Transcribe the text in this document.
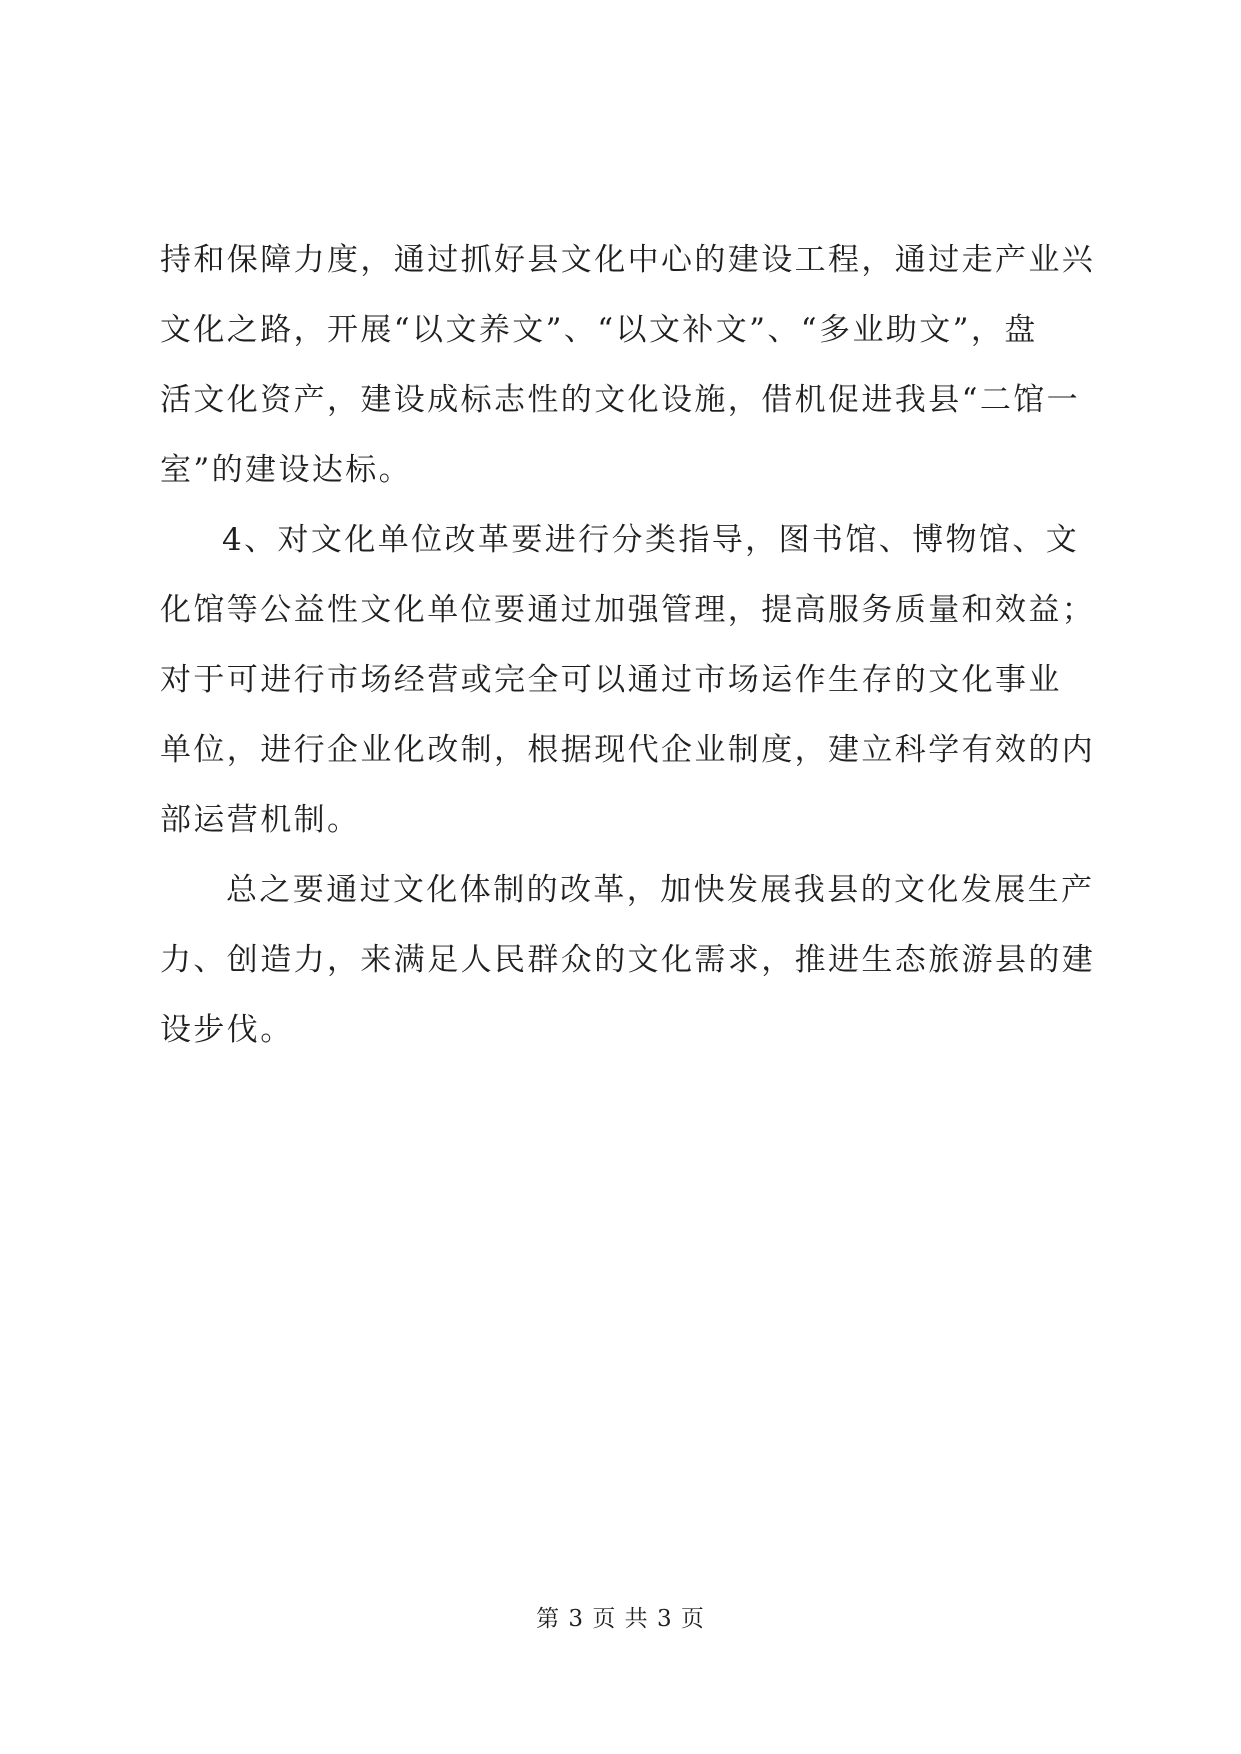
持和保障力度，通过抓好县文化中心的建设工程，通过走产业兴
文化之路，开展“以文养文”、“以文补文”、“多业助文”，盘
活文化资产，建设成标志性的文化设施，借机促进我县“二馆一
室”的建设达标。
4、对文化单位改革要进行分类指导，图书馆、博物馆、文
化馆等公益性文化单位要通过加强管理，提高服务质量和效益；
对于可进行市场经营或完全可以通过市场运作生存的文化事业
单位，进行企业化改制，根据现代企业制度，建立科学有效的内
部运营机制。
总之要通过文化体制的改革，加快发展我县的文化发展生产
力、创造力，来满足人民群众的文化需求，推进生态旅游县的建
设步伐。
第 3 页 共 3 页
